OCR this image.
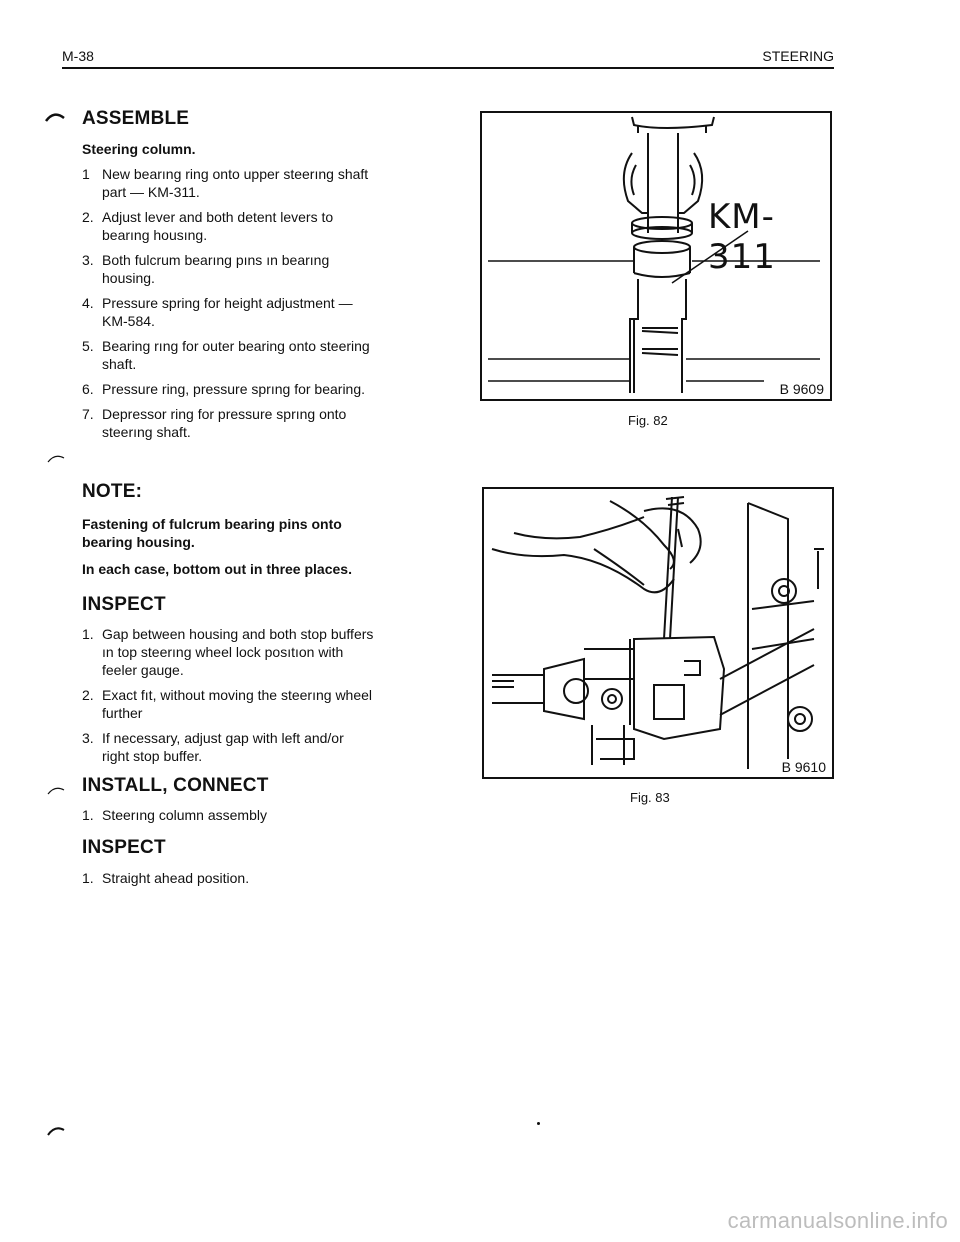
M-38	STEERING
ASSEMBLE
Steering column.
1 New bearıng ring onto upper steerıng shaft part — KM-311.
2. Adjust lever and both detent levers to bearıng housıng.
3. Both fulcrum bearıng pıns ın bearıng housing.
4. Pressure spring for height adjustment — KM-584.
5. Bearing rıng for outer bearing onto steering shaft.
6. Pressure ring, pressure sprıng for bearing.
7. Depressor ring for pressure sprıng onto steerıng shaft.
NOTE:
Fastening of fulcrum bearing pins onto bearing housing.
In each case, bottom out in three places.
INSPECT
1. Gap between housing and both stop buffers ın top steerıng wheel lock posıtıon with feeler gauge.
2. Exact fıt, without moving the steerıng wheel further
3. If necessary, adjust gap with left and/or right stop buffer.
INSTALL, CONNECT
1. Steerıng column assembly
INSPECT
1. Straight ahead position.
KM-311
B 9609
Fig. 82
B 9610
Fig. 83
carmanualsonline.info
